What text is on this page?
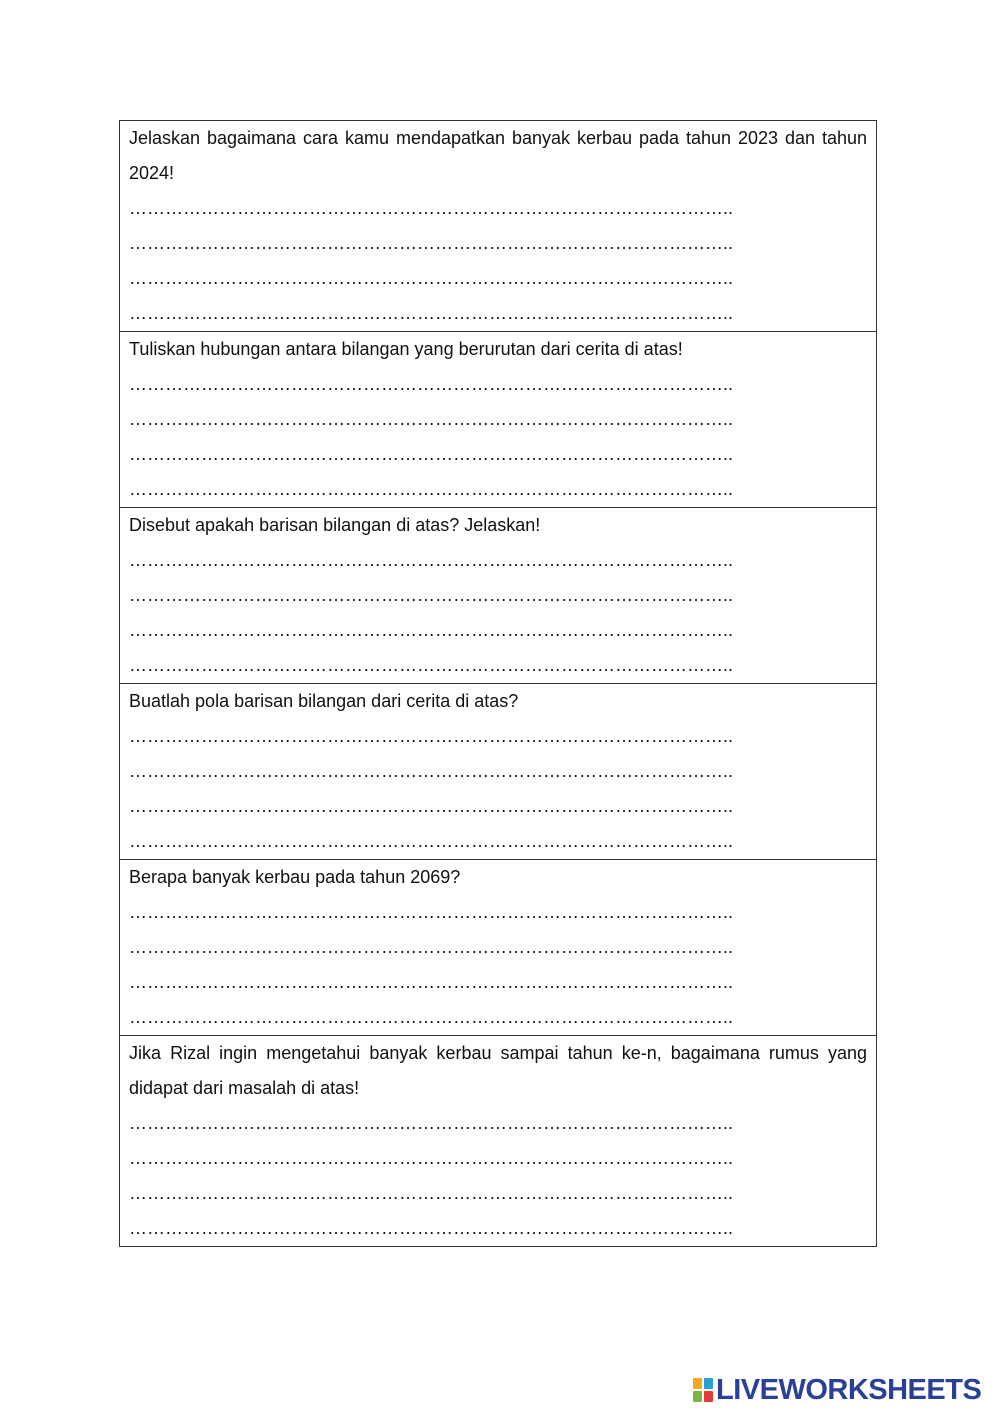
Jelaskan bagaimana cara kamu mendapatkan banyak kerbau pada tahun 2023 dan tahun 2024!

………………………………………………………………………………………..
………………………………………………………………………………………..
………………………………………………………………………………………..
………………………………………………………………………………………..

Tuliskan hubungan antara bilangan yang berurutan dari cerita di atas!

………………………………………………………………………………………..
………………………………………………………………………………………..
………………………………………………………………………………………..
………………………………………………………………………………………..

Disebut apakah barisan bilangan di atas? Jelaskan!

………………………………………………………………………………………..
………………………………………………………………………………………..
………………………………………………………………………………………..
………………………………………………………………………………………..

Buatlah pola barisan bilangan dari cerita di atas?

………………………………………………………………………………………..
………………………………………………………………………………………..
………………………………………………………………………………………..
………………………………………………………………………………………..

Berapa banyak kerbau pada tahun 2069?

………………………………………………………………………………………..
………………………………………………………………………………………..
………………………………………………………………………………………..
………………………………………………………………………………………..

Jika Rizal ingin mengetahui banyak kerbau sampai tahun ke-n, bagaimana rumus yang didapat dari masalah di atas!

………………………………………………………………………………………..
………………………………………………………………………………………..
………………………………………………………………………………………..
………………………………………………………………………………………..
LIVEWORKSHEETS
